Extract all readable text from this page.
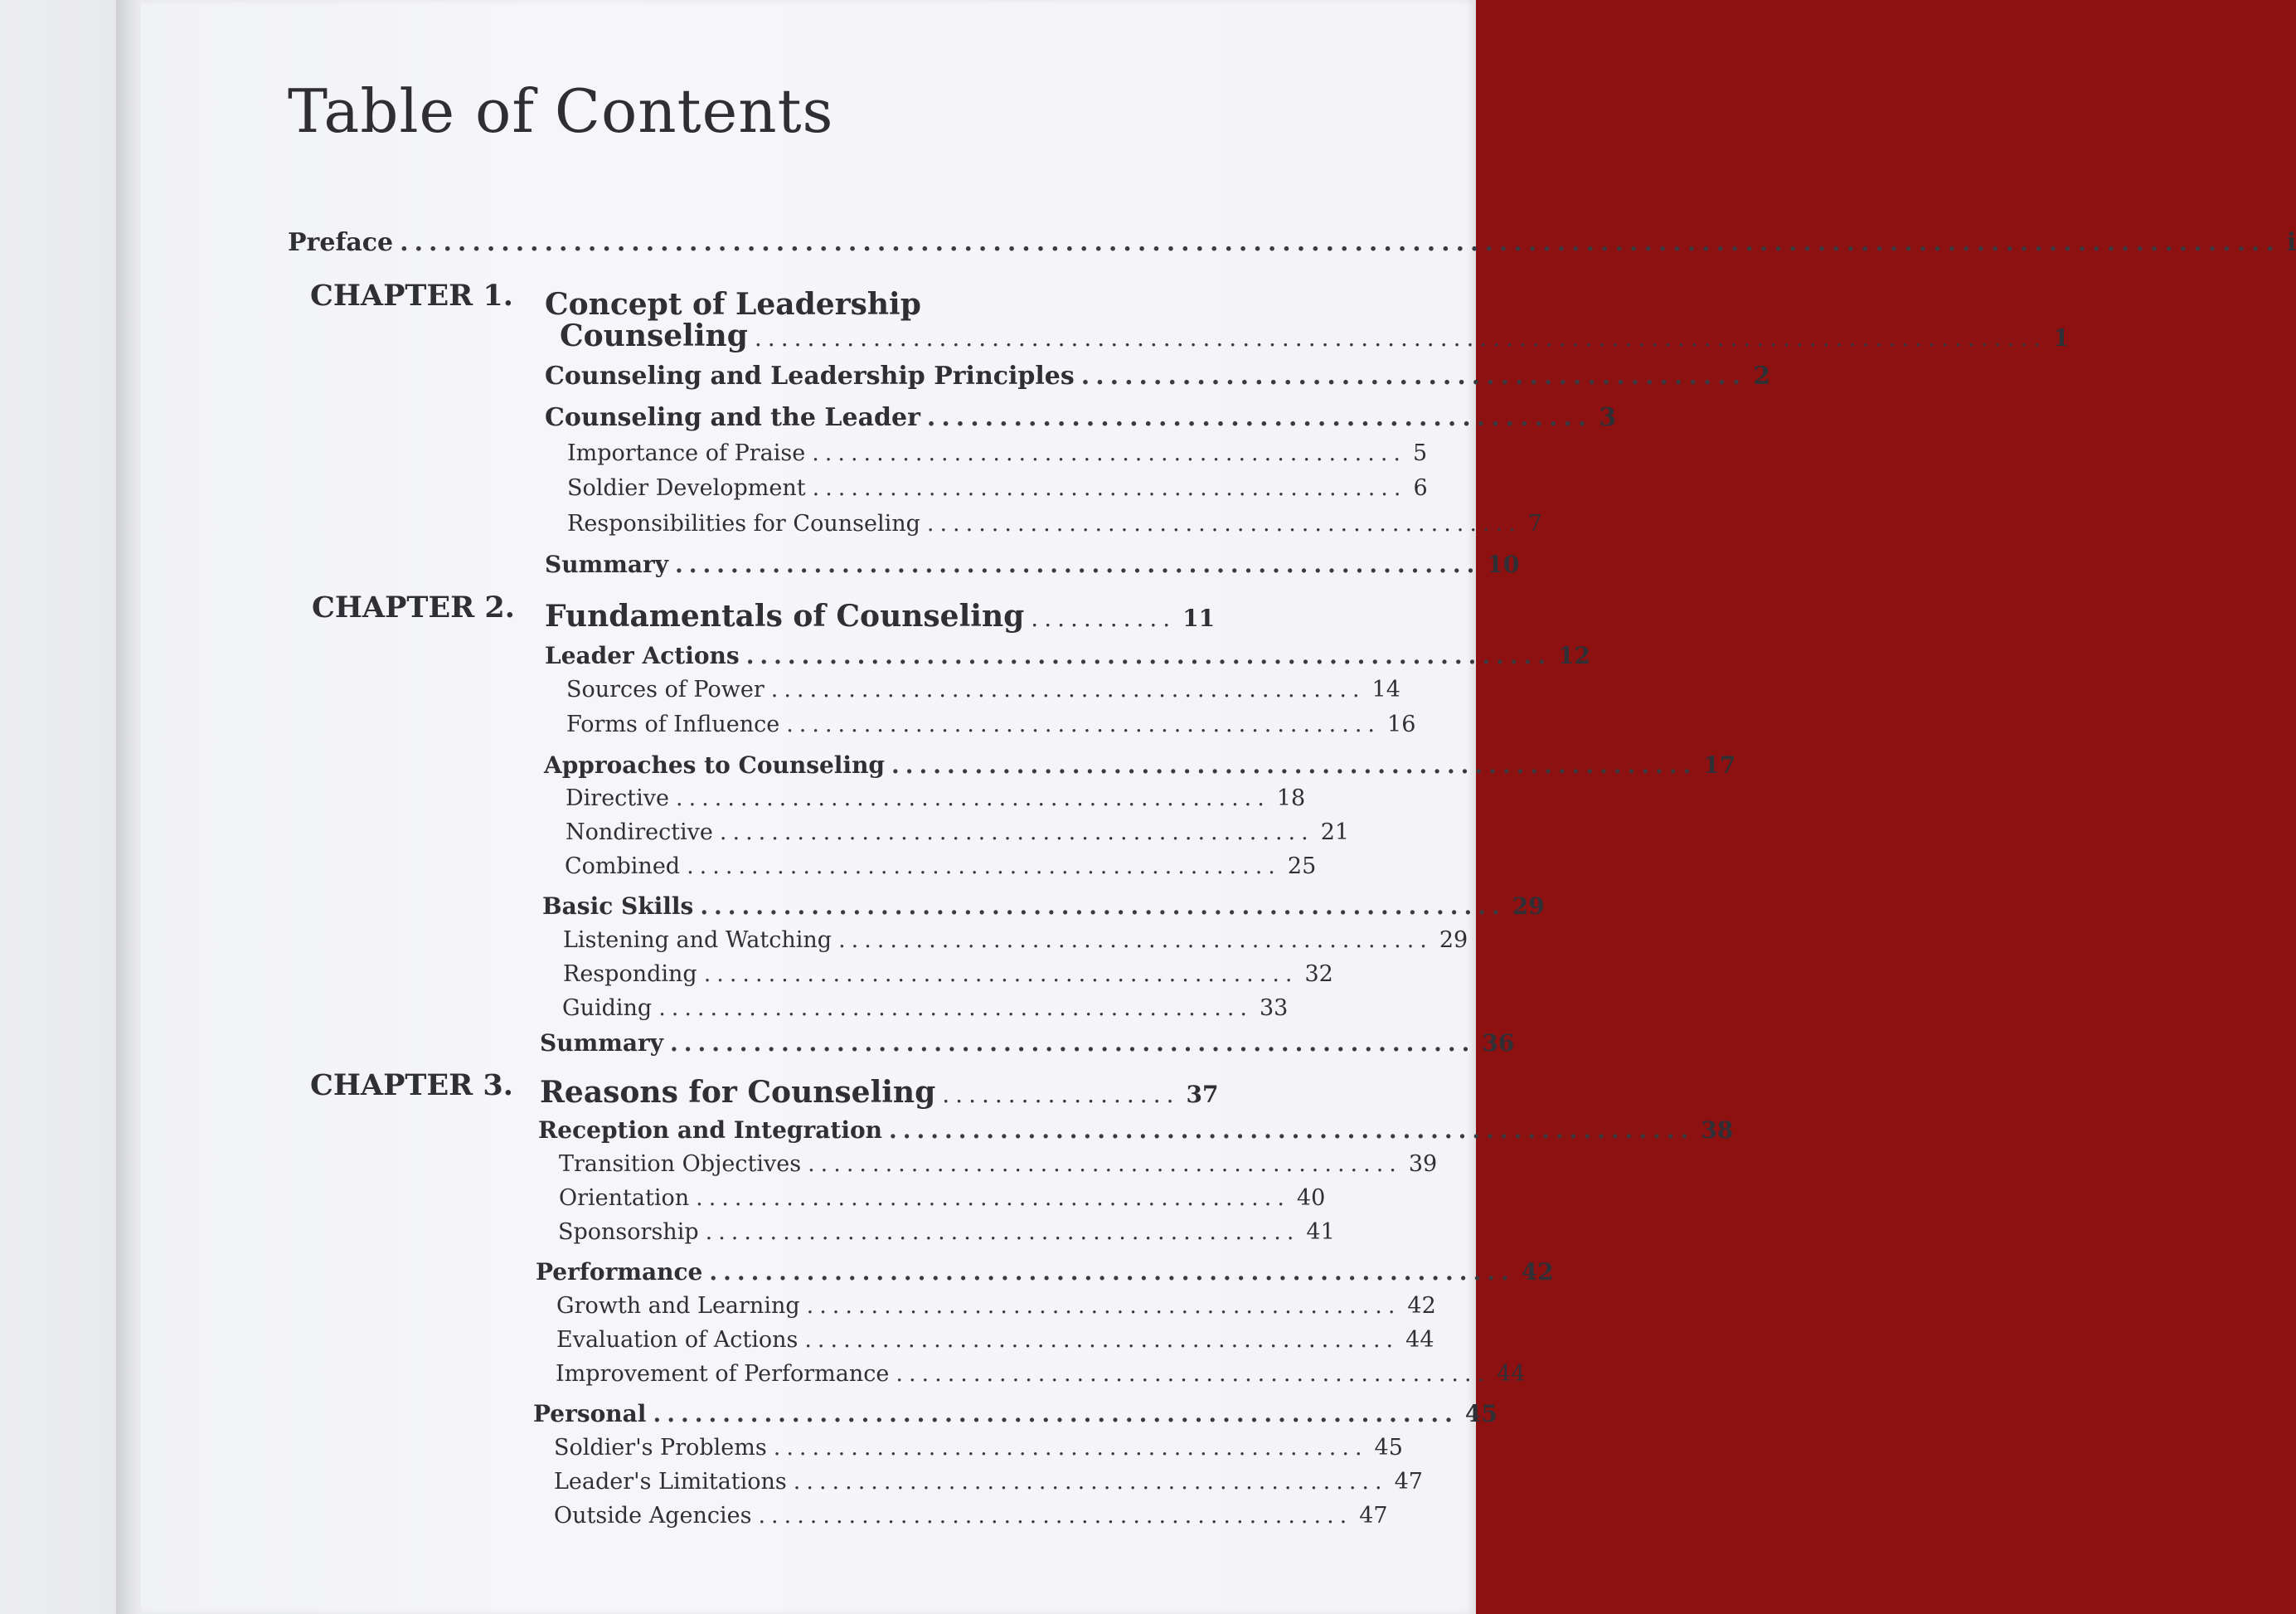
Table of Contents
Preface .................................................................................................................................. i
CHAPTER 1. Concept of Leadership
Counseling .................................................................................................. 1
Counseling and Leadership Principles .............................................. 2
Counseling and the Leader .............................................. 3
Importance of Praise .............................................. 5
Soldier Development .............................................. 6
Responsibilities for Counseling .............................................. 7
Summary .......................................................... 10
CHAPTER 2. Fundamentals of Counseling ........... 11
Leader Actions .......................................................... 12
Sources of Power .............................................. 14
Forms of Influence .............................................. 16
Approaches to Counseling .......................................................... 17
Directive .............................................. 18
Nondirective .............................................. 21
Combined .............................................. 25
Basic Skills .......................................................... 29
Listening and Watching .............................................. 29
Responding .............................................. 32
Guiding .............................................. 33
Summary .......................................................... 36
CHAPTER 3. Reasons for Counseling .................. 37
Reception and Integration .......................................................... 38
Transition Objectives .............................................. 39
Orientation .............................................. 40
Sponsorship .............................................. 41
Performance .......................................................... 42
Growth and Learning .............................................. 42
Evaluation of Actions .............................................. 44
Improvement of Performance .............................................. 44
Personal .......................................................... 45
Soldier's Problems .............................................. 45
Leader's Limitations .............................................. 47
Outside Agencies .............................................. 47
